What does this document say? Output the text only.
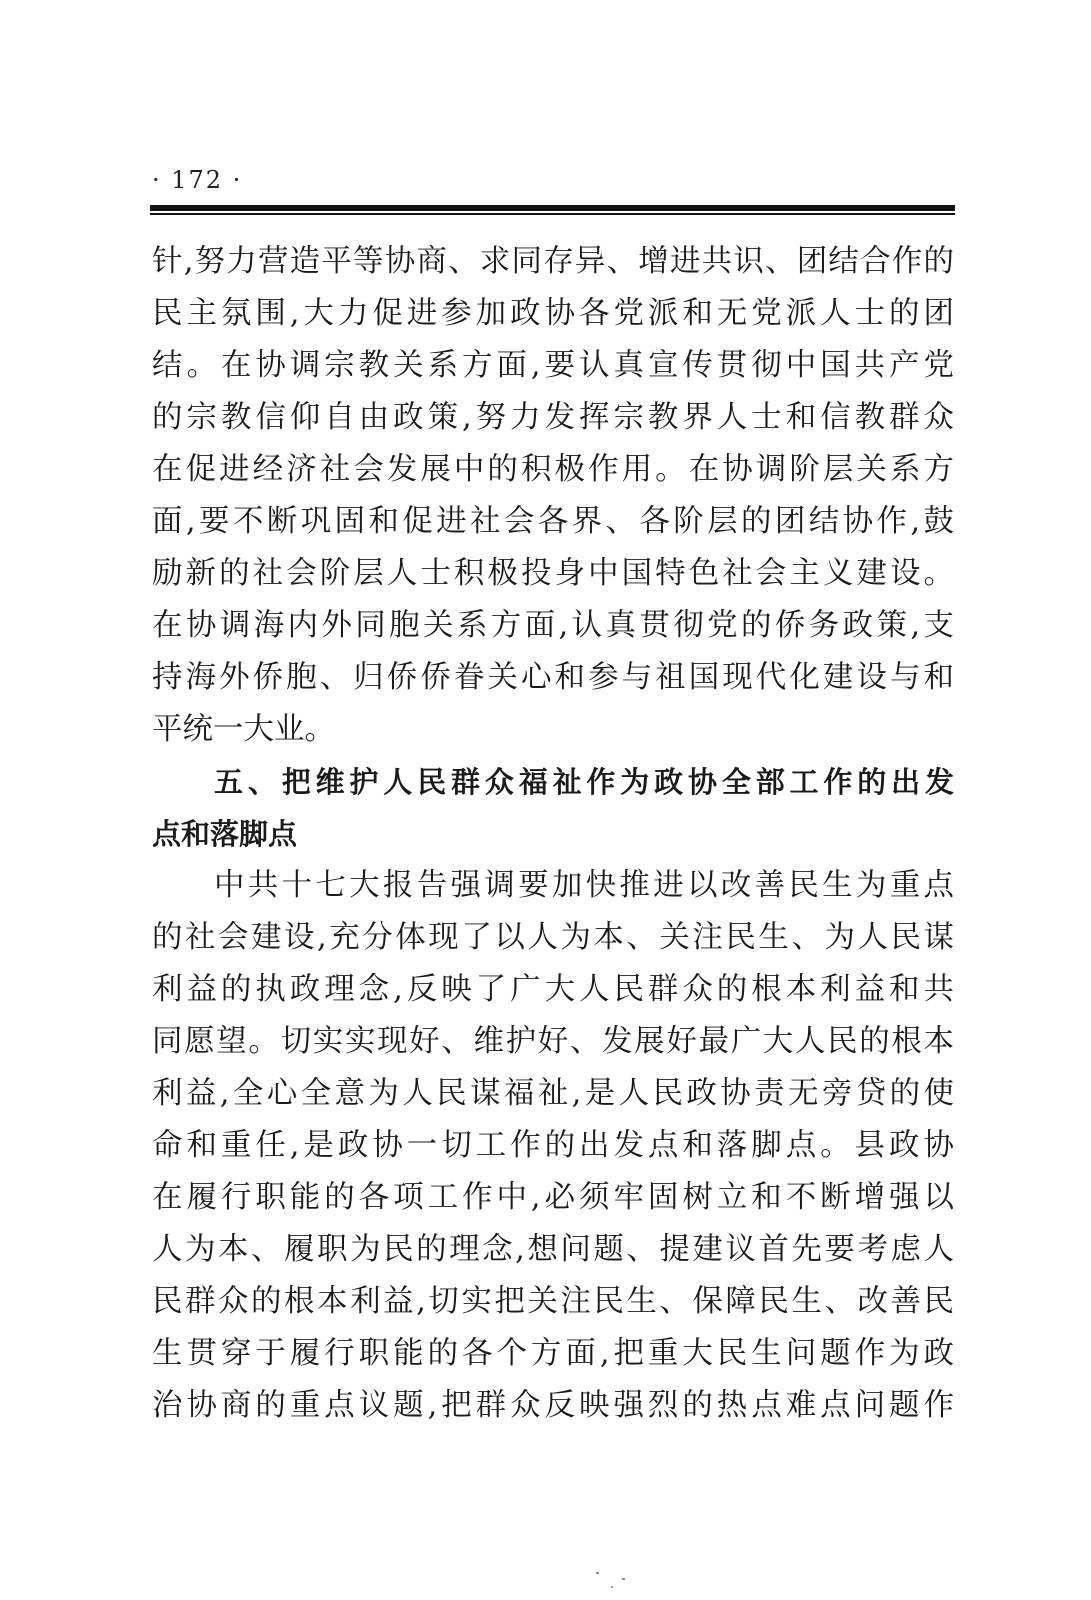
· 172 ·
针,努力营造平等协商、求同存异、增进共识、团结合作的
民主氛围,大力促进参加政协各党派和无党派人士的团
结。在协调宗教关系方面,要认真宣传贯彻中国共产党
的宗教信仰自由政策,努力发挥宗教界人士和信教群众
在促进经济社会发展中的积极作用。在协调阶层关系方
面,要不断巩固和促进社会各界、各阶层的团结协作,鼓
励新的社会阶层人士积极投身中国特色社会主义建设。
在协调海内外同胞关系方面,认真贯彻党的侨务政策,支
持海外侨胞、归侨侨眷关心和参与祖国现代化建设与和
平统一大业。
五、把维护人民群众福祉作为政协全部工作的出发
点和落脚点
中共十七大报告强调要加快推进以改善民生为重点
的社会建设,充分体现了以人为本、关注民生、为人民谋
利益的执政理念,反映了广大人民群众的根本利益和共
同愿望。切实实现好、维护好、发展好最广大人民的根本
利益,全心全意为人民谋福祉,是人民政协责无旁贷的使
命和重任,是政协一切工作的出发点和落脚点。县政协
在履行职能的各项工作中,必须牢固树立和不断增强以
人为本、履职为民的理念,想问题、提建议首先要考虑人
民群众的根本利益,切实把关注民生、保障民生、改善民
生贯穿于履行职能的各个方面,把重大民生问题作为政
治协商的重点议题,把群众反映强烈的热点难点问题作
